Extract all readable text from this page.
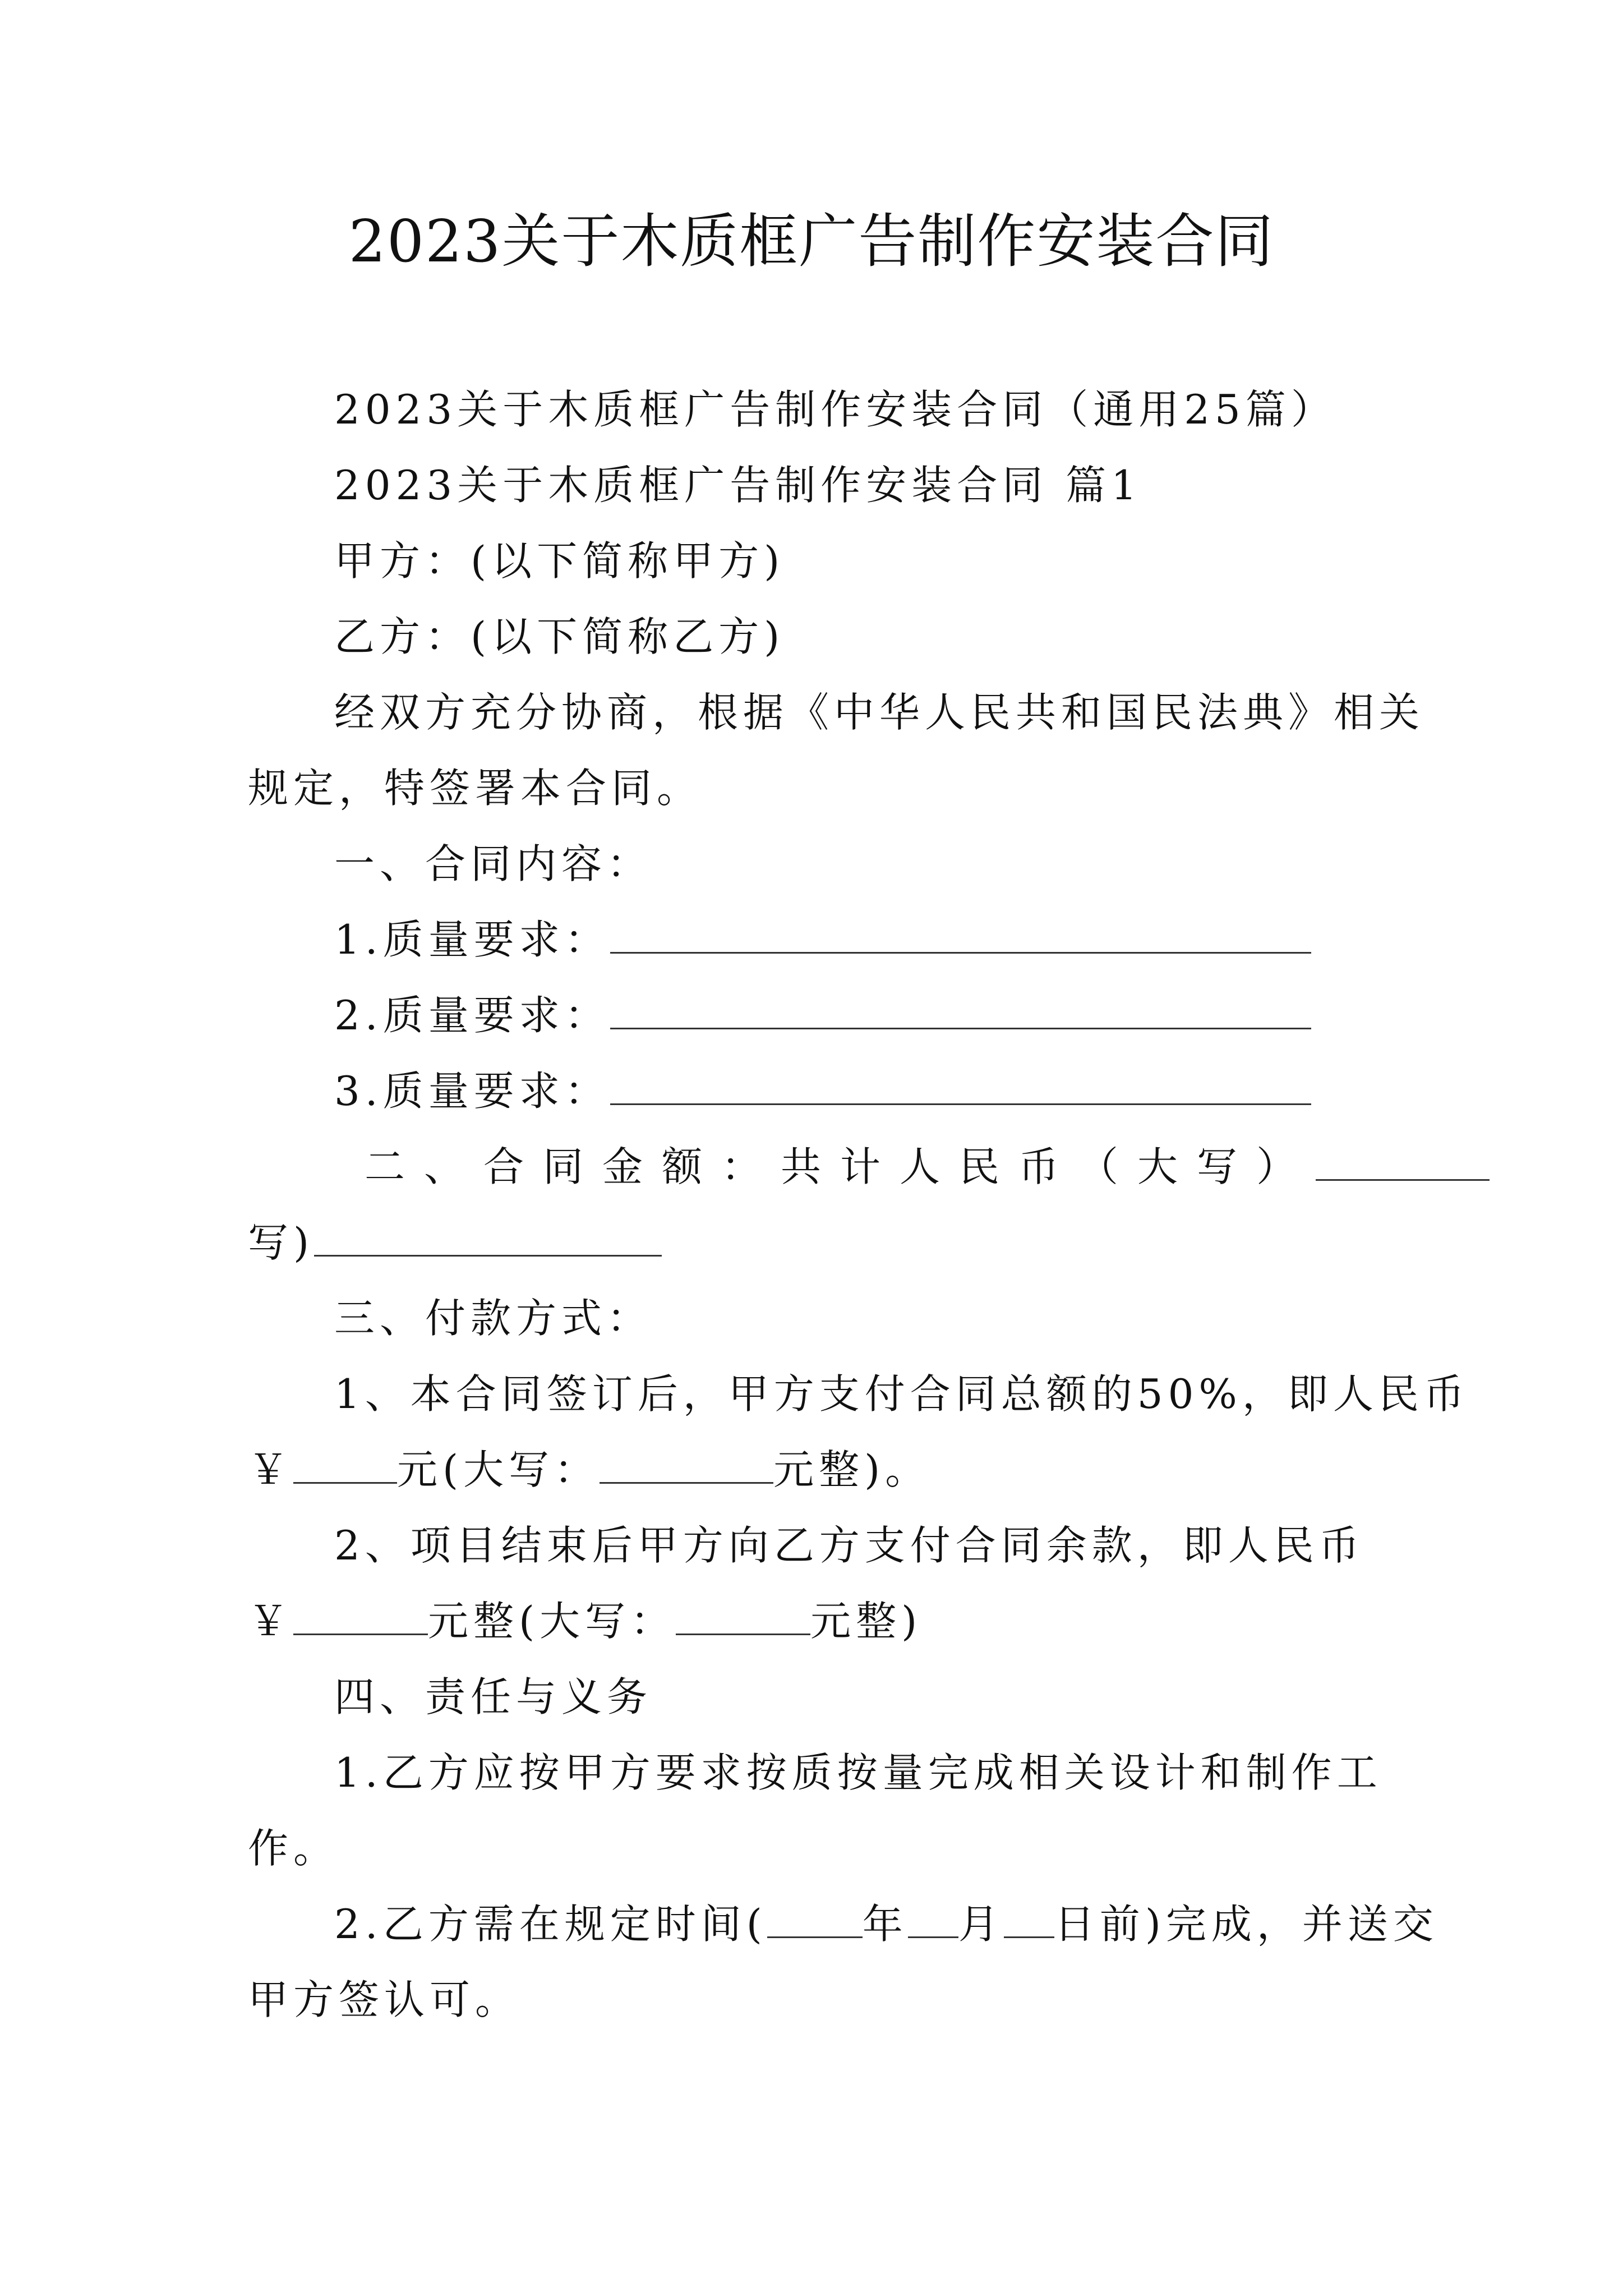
2023关于木质框广告制作安装合同
2023关于木质框广告制作安装合同（通用25篇）
2023关于木质框广告制作安装合同 篇1
甲方：(以下简称甲方)
乙方：(以下简称乙方)
经双方充分协商，根据《中华人民共和国民法典》相关
规定，特签署本合同。
一、合同内容：
1.质量要求：
2.质量要求：
3.质量要求：
二、合同金额：共计人民币（大写）
写)
三、付款方式：
1、本合同签订后，甲方支付合同总额的50%，即人民币
￥	元(大写：	元整)。
2、项目结束后甲方向乙方支付合同余款，即人民币
￥	元整(大写：	元整)
四、责任与义务
1.乙方应按甲方要求按质按量完成相关设计和制作工
作。
2.乙方需在规定时间( 年 月 日前)完成，并送交
甲方签认可。
